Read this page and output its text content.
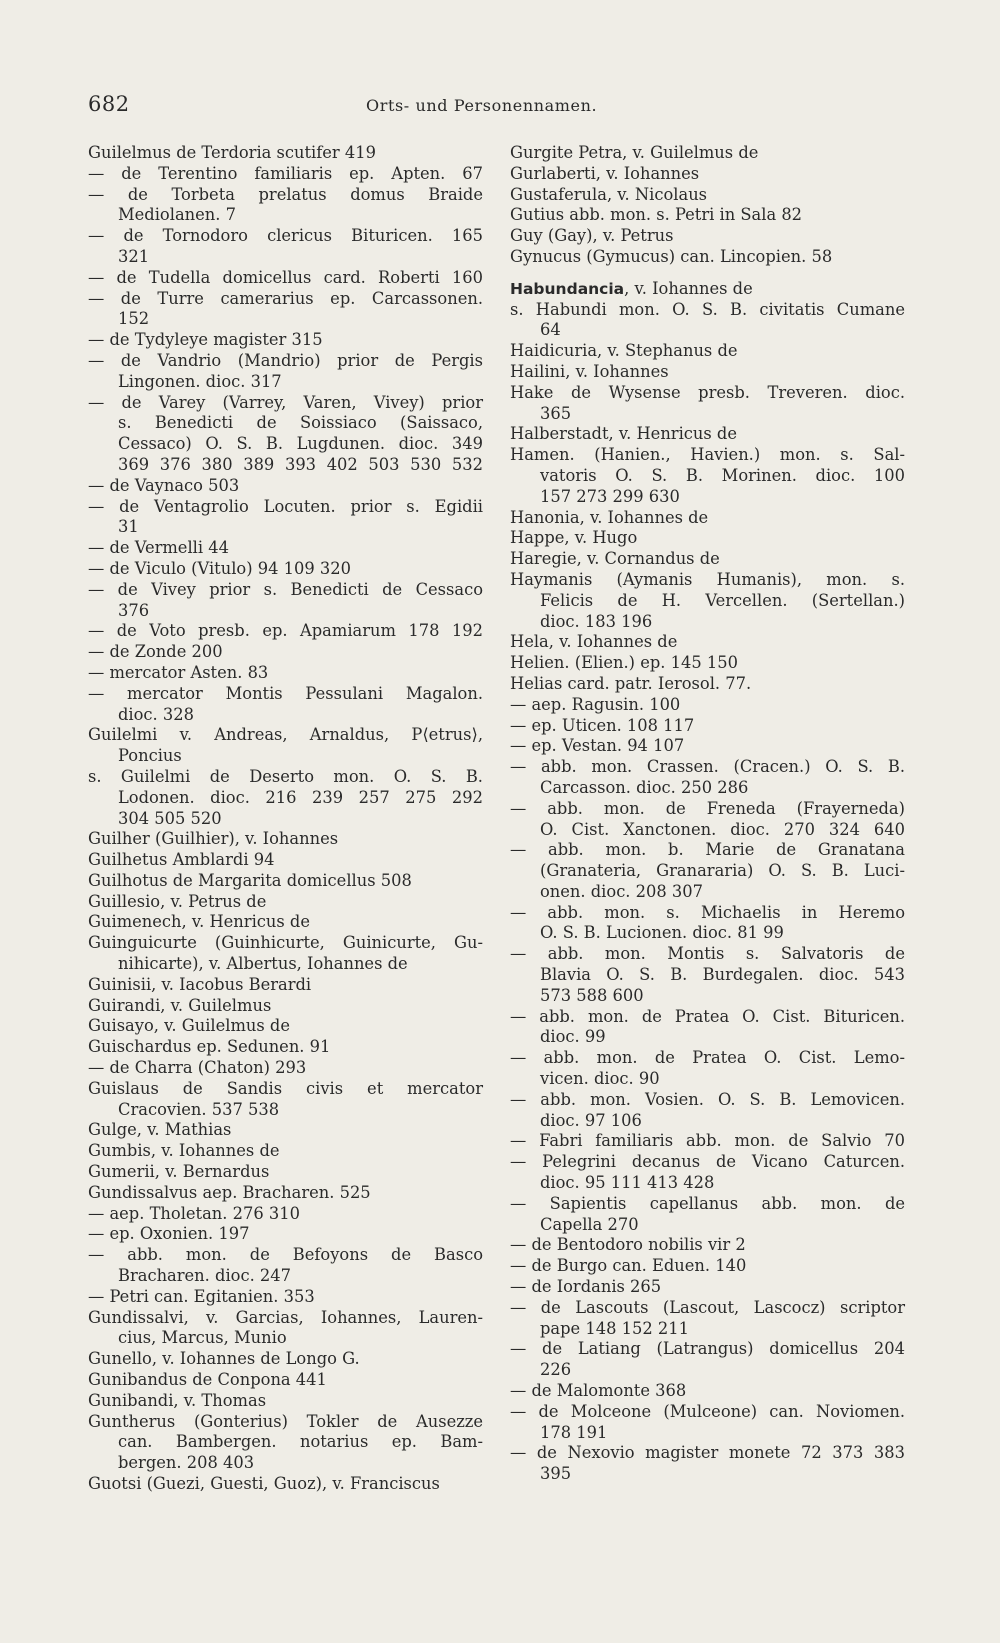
682	Orts- und Personennamen.
Guilelmus de Terdoria scutifer 419
— de Terentino familiaris ep. Apten. 67
— de Torbeta prelatus domus Braide
Mediolanen. 7
— de Tornodoro clericus Bituricen. 165
321
— de Tudella domicellus card. Roberti 160
— de Turre camerarius ep. Carcassonen.
152
— de Tydyleye magister 315
— de Vandrio (Mandrio) prior de Pergis
Lingonen. dioc. 317
— de Varey (Varrey, Varen, Vivey) prior
s. Benedicti de Soissiaco (Saissaco,
Cessaco) O. S. B. Lugdunen. dioc. 349
369 376 380 389 393 402 503 530 532
— de Vaynaco 503
— de Ventagrolio Locuten. prior s. Egidii
31
— de Vermelli 44
— de Viculo (Vitulo) 94 109 320
— de Vivey prior s. Benedicti de Cessaco
376
— de Voto presb. ep. Apamiarum 178 192
— de Zonde 200
— mercator Asten. 83
— mercator Montis Pessulani Magalon.
dioc. 328
Guilelmi v. Andreas, Arnaldus, P⟨etrus⟩,
Poncius
s. Guilelmi de Deserto mon. O. S. B.
Lodonen. dioc. 216 239 257 275 292
304 505 520
Guilher (Guilhier), v. Iohannes
Guilhetus Amblardi 94
Guilhotus de Margarita domicellus 508
Guillesio, v. Petrus de
Guimenech, v. Henricus de
Guinguicurte (Guinhicurte, Guinicurte, Gu-
nihicarte), v. Albertus, Iohannes de
Guinisii, v. Iacobus Berardi
Guirandi, v. Guilelmus
Guisayo, v. Guilelmus de
Guischardus ep. Sedunen. 91
— de Charra (Chaton) 293
Guislaus de Sandis civis et mercator
Cracovien. 537 538
Gulge, v. Mathias
Gumbis, v. Iohannes de
Gumerii, v. Bernardus
Gundissalvus aep. Bracharen. 525
— aep. Tholetan. 276 310
— ep. Oxonien. 197
— abb. mon. de Befoyons de Basco
Bracharen. dioc. 247
— Petri can. Egitanien. 353
Gundissalvi, v. Garcias, Iohannes, Lauren-
cius, Marcus, Munio
Gunello, v. Iohannes de Longo G.
Gunibandus de Conpona 441
Gunibandi, v. Thomas
Guntherus (Gonterius) Tokler de Ausezze
can. Bambergen. notarius ep. Bam-
bergen. 208 403
Guotsi (Guezi, Guesti, Guoz), v. Franciscus
Gurgite Petra, v. Guilelmus de
Gurlaberti, v. Iohannes
Gustaferula, v. Nicolaus
Gutius abb. mon. s. Petri in Sala 82
Guy (Gay), v. Petrus
Gynucus (Gymucus) can. Lincopien. 58
Habundancia, v. Iohannes de
s. Habundi mon. O. S. B. civitatis Cumane
64
Haidicuria, v. Stephanus de
Hailini, v. Iohannes
Hake de Wysense presb. Treveren. dioc.
365
Halberstadt, v. Henricus de
Hamen. (Hanien., Havien.) mon. s. Sal-
vatoris O. S. B. Morinen. dioc. 100
157 273 299 630
Hanonia, v. Iohannes de
Happe, v. Hugo
Haregie, v. Cornandus de
Haymanis (Aymanis Humanis), mon. s.
Felicis de H. Vercellen. (Sertellan.)
dioc. 183 196
Hela, v. Iohannes de
Helien. (Elien.) ep. 145 150
Helias card. patr. Ierosol. 77.
— aep. Ragusin. 100
— ep. Uticen. 108 117
— ep. Vestan. 94 107
— abb. mon. Crassen. (Cracen.) O. S. B.
Carcasson. dioc. 250 286
— abb. mon. de Freneda (Frayerneda)
O. Cist. Xanctonen. dioc. 270 324 640
— abb. mon. b. Marie de Granatana
(Granateria, Granararia) O. S. B. Luci-
onen. dioc. 208 307
— abb. mon. s. Michaelis in Heremo
O. S. B. Lucionen. dioc. 81 99
— abb. mon. Montis s. Salvatoris de
Blavia O. S. B. Burdegalen. dioc. 543
573 588 600
— abb. mon. de Pratea O. Cist. Bituricen.
dioc. 99
— abb. mon. de Pratea O. Cist. Lemo-
vicen. dioc. 90
— abb. mon. Vosien. O. S. B. Lemovicen.
dioc. 97 106
— Fabri familiaris abb. mon. de Salvio 70
— Pelegrini decanus de Vicano Caturcen.
dioc. 95 111 413 428
— Sapientis capellanus abb. mon. de
Capella 270
— de Bentodoro nobilis vir 2
— de Burgo can. Eduen. 140
— de Iordanis 265
— de Lascouts (Lascout, Lascocz) scriptor
pape 148 152 211
— de Latiang (Latrangus) domicellus 204
226
— de Malomonte 368
— de Molceone (Mulceone) can. Noviomen.
178 191
— de Nexovio magister monete 72 373 383
395
